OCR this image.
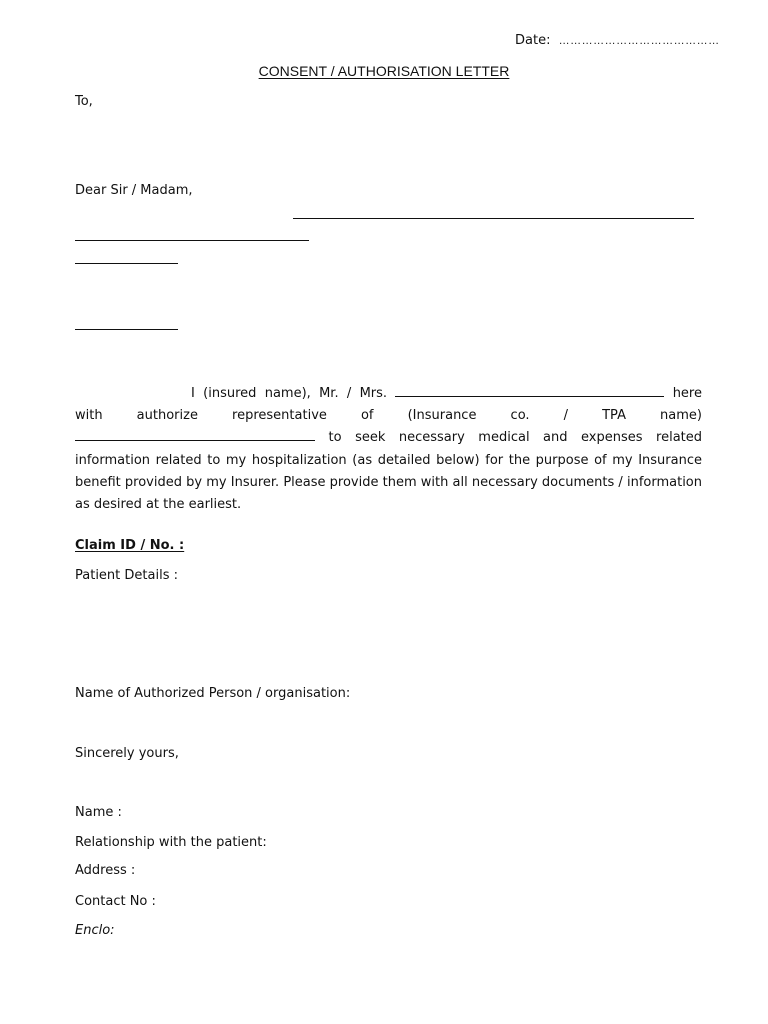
Date: ……………………………………
CONSENT / AUTHORISATION LETTER
To,
Dear Sir / Madam,
I (insured name), Mr. / Mrs.	here with authorize representative of (Insurance co. / TPA name)  to seek necessary medical and expenses related information related to my hospitalization (as detailed below) for the purpose of my Insurance benefit provided by my Insurer. Please provide them with all necessary documents / information as desired at the earliest.
Claim ID / No. :
Patient Details :
Name of Authorized Person / organisation:
Sincerely yours,
Name :
Relationship with the patient:
Address :
Contact No :
Enclo:
